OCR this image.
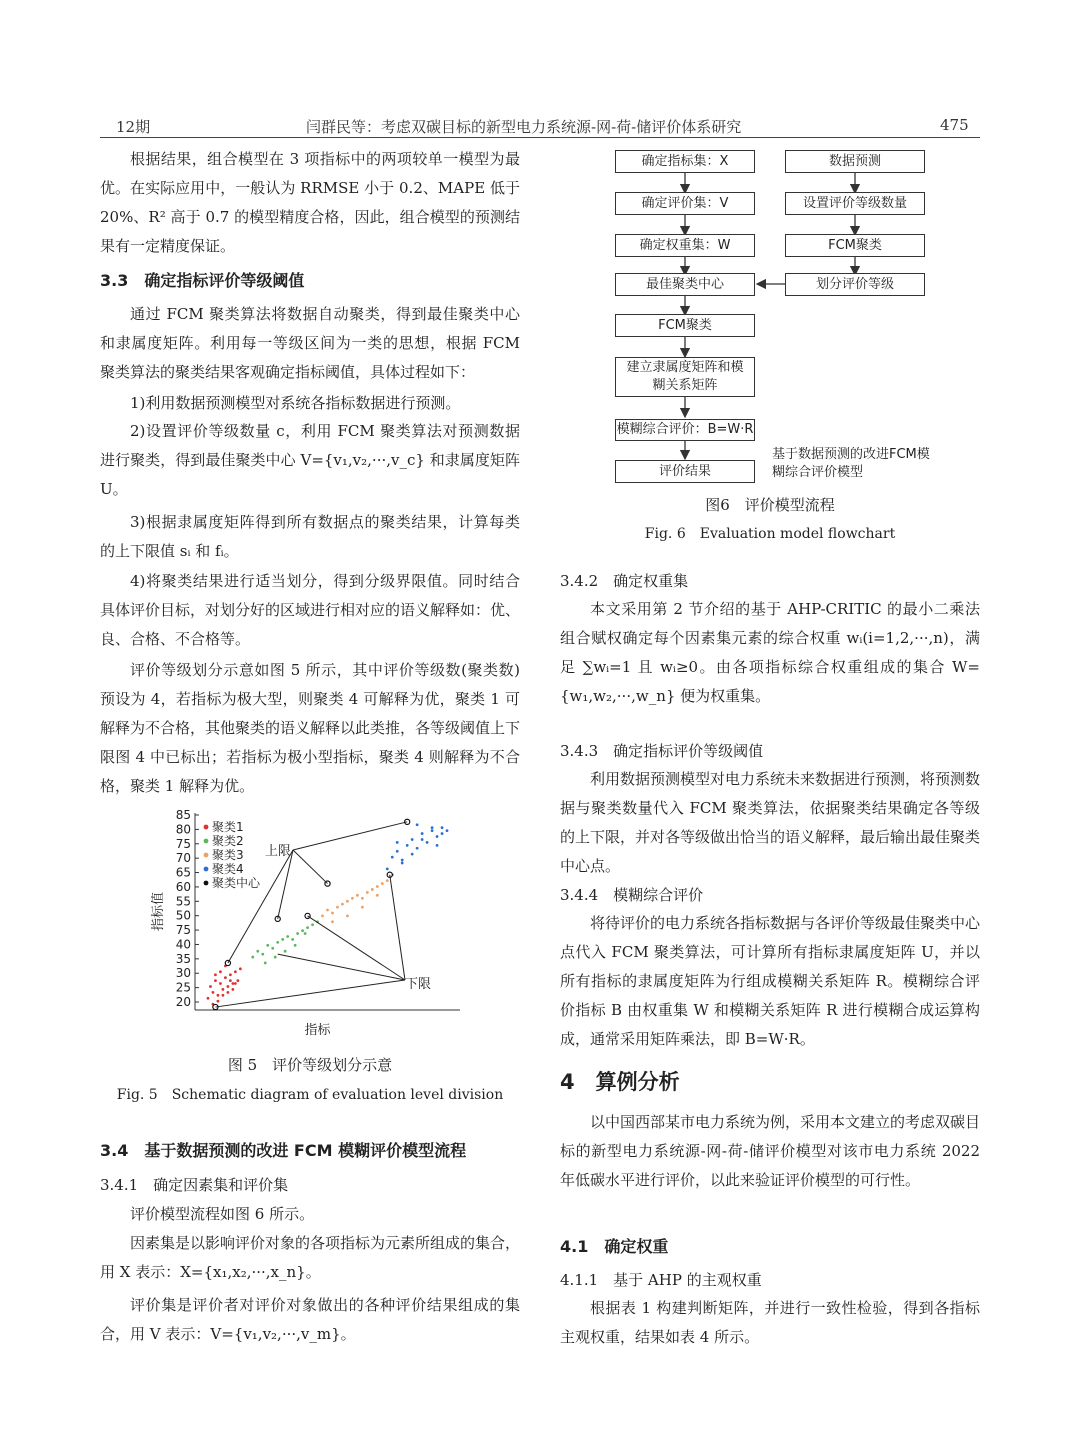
12期	闫群民等：考虑双碳目标的新型电力系统源-网-荷-储评价体系研究	475
根据结果，组合模型在 3 项指标中的两项较单一模型为最优。在实际应用中，一般认为 RRMSE 小于 0.2、MAPE 低于 20%、R² 高于 0.7 的模型精度合格，因此，组合模型的预测结果有一定精度保证。
3.3　确定指标评价等级阈值
通过 FCM 聚类算法将数据自动聚类，得到最佳聚类中心和隶属度矩阵。利用每一等级区间为一类的思想，根据 FCM 聚类算法的聚类结果客观确定指标阈值，具体过程如下：
1)利用数据预测模型对系统各指标数据进行预测。
2)设置评价等级数量 c，利用 FCM 聚类算法对预测数据进行聚类，得到最佳聚类中心 V={v₁,v₂,···,v_c} 和隶属度矩阵 U。
3)根据隶属度矩阵得到所有数据点的聚类结果，计算每类的上下限值 sᵢ 和 fᵢ。
4)将聚类结果进行适当划分，得到分级界限值。同时结合具体评价目标，对划分好的区域进行相对应的语义解释如：优、良、合格、不合格等。
评价等级划分示意如图 5 所示，其中评价等级数(聚类数)预设为 4，若指标为极大型，则聚类 4 可解释为优，聚类 1 可解释为不合格，其他聚类的语义解释以此类推，各等级阈值上下限图 4 中已标出；若指标为极小型指标，聚类 4 则解释为不合格，聚类 1 解释为优。
85
80
75
70
65
60
55
50
75
40
35
30
25
20
指标值
指标
上限
下限
聚类1
聚类2
聚类3
聚类4
聚类中心
图 5　评价等级划分示意
Fig. 5　Schematic diagram of evaluation level division
3.4　基于数据预测的改进 FCM 模糊评价模型流程
3.4.1　确定因素集和评价集
评价模型流程如图 6 所示。
因素集是以影响评价对象的各项指标为元素所组成的集合，用 X 表示：X={x₁,x₂,···,x_n}。
评价集是评价者对评价对象做出的各种评价结果组成的集合，用 V 表示：V={v₁,v₂,···,v_m}。
确定指标集：X
确定评价集：V
确定权重集：W
最佳聚类中心
FCM聚类
建立隶属度矩阵和模糊关系矩阵
模糊综合评价：B=W·R
评价结果
数据预测
设置评价等级数量
FCM聚类
划分评价等级
基于数据预测的改进FCM模糊综合评价模型
图6　评价模型流程
Fig. 6　Evaluation model flowchart
3.4.2　确定权重集
本文采用第 2 节介绍的基于 AHP-CRITIC 的最小二乘法组合赋权确定每个因素集元素的综合权重 wᵢ(i=1,2,···,n)，满足 ∑wᵢ=1 且 wᵢ≥0。由各项指标综合权重组成的集合 W={w₁,w₂,···,w_n} 便为权重集。
3.4.3　确定指标评价等级阈值
利用数据预测模型对电力系统未来数据进行预测，将预测数据与聚类数量代入 FCM 聚类算法，依据聚类结果确定各等级的上下限，并对各等级做出恰当的语义解释，最后输出最佳聚类中心点。
3.4.4　模糊综合评价
将待评价的电力系统各指标数据与各评价等级最佳聚类中心点代入 FCM 聚类算法，可计算所有指标隶属度矩阵 U，并以所有指标的隶属度矩阵为行组成模糊关系矩阵 R。模糊综合评价指标 B 由权重集 W 和模糊关系矩阵 R 进行模糊合成运算构成，通常采用矩阵乘法，即 B=W·R。
4　算例分析
以中国西部某市电力系统为例，采用本文建立的考虑双碳目标的新型电力系统源-网-荷-储评价模型对该市电力系统 2022 年低碳水平进行评价，以此来验证评价模型的可行性。
4.1　确定权重
4.1.1　基于 AHP 的主观权重
根据表 1 构建判断矩阵，并进行一致性检验，得到各指标主观权重，结果如表 4 所示。
